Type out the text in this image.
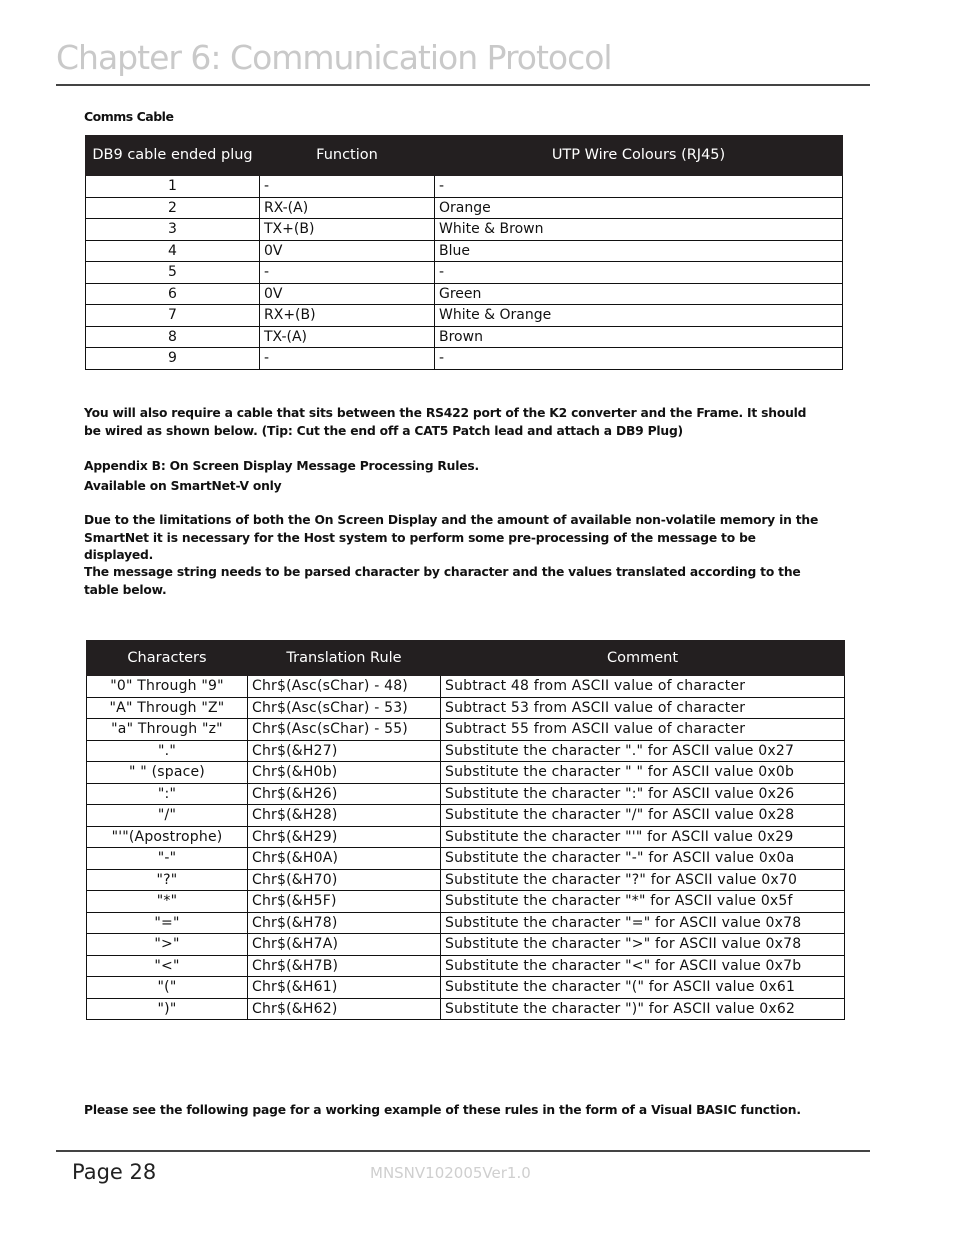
Chapter 6: Communication Protocol
Comms Cable
DB9 cable ended plug	Function	UTP Wire Colours (RJ45)
1	-	-
2	RX-(A)	Orange
3	TX+(B)	White & Brown
4	0V	Blue
5	-	-
6	0V	Green
7	RX+(B)	White & Orange
8	TX-(A)	Brown
9	-	-
You will also require a cable that sits between the RS422 port of the K2 converter and the Frame. It should be wired as shown below. (Tip: Cut the end off a CAT5 Patch lead and attach a DB9 Plug)
Appendix B: On Screen Display Message Processing Rules.
Available on SmartNet-V only
Due to the limitations of both the On Screen Display and the amount of available non-volatile memory in the SmartNet it is necessary for the Host system to perform some pre-processing of the message to be displayed.
The message string needs to be parsed character by character and the values translated according to the table below.
Characters	Translation Rule	Comment
"0" Through "9"	Chr$(Asc(sChar) - 48)	Subtract 48 from ASCII value of character
"A" Through "Z"	Chr$(Asc(sChar) - 53)	Subtract 53 from ASCII value of character
"a" Through "z"	Chr$(Asc(sChar) - 55)	Subtract 55 from ASCII value of character
"."	Chr$(&H27)	Substitute the character "." for ASCII value 0x27
" " (space)	Chr$(&H0b)	Substitute the character " " for ASCII value 0x0b
":"	Chr$(&H26)	Substitute the character ":" for ASCII value 0x26
"/"	Chr$(&H28)	Substitute the character "/" for ASCII value 0x28
"'"(Apostrophe)	Chr$(&H29)	Substitute the character "'" for ASCII value 0x29
"-"	Chr$(&H0A)	Substitute the character "-" for ASCII value 0x0a
"?"	Chr$(&H70)	Substitute the character "?" for ASCII value 0x70
"*"	Chr$(&H5F)	Substitute the character "*" for ASCII value 0x5f
"="	Chr$(&H78)	Substitute the character "=" for ASCII value 0x78
">"	Chr$(&H7A)	Substitute the character ">" for ASCII value 0x78
"<"	Chr$(&H7B)	Substitute the character "<" for ASCII value 0x7b
"("	Chr$(&H61)	Substitute the character "(" for ASCII value 0x61
")"	Chr$(&H62)	Substitute the character ")" for ASCII value 0x62
Please see the following page for a working example of these rules in the form of a Visual BASIC function.
Page 28	MNSNV102005Ver1.0
